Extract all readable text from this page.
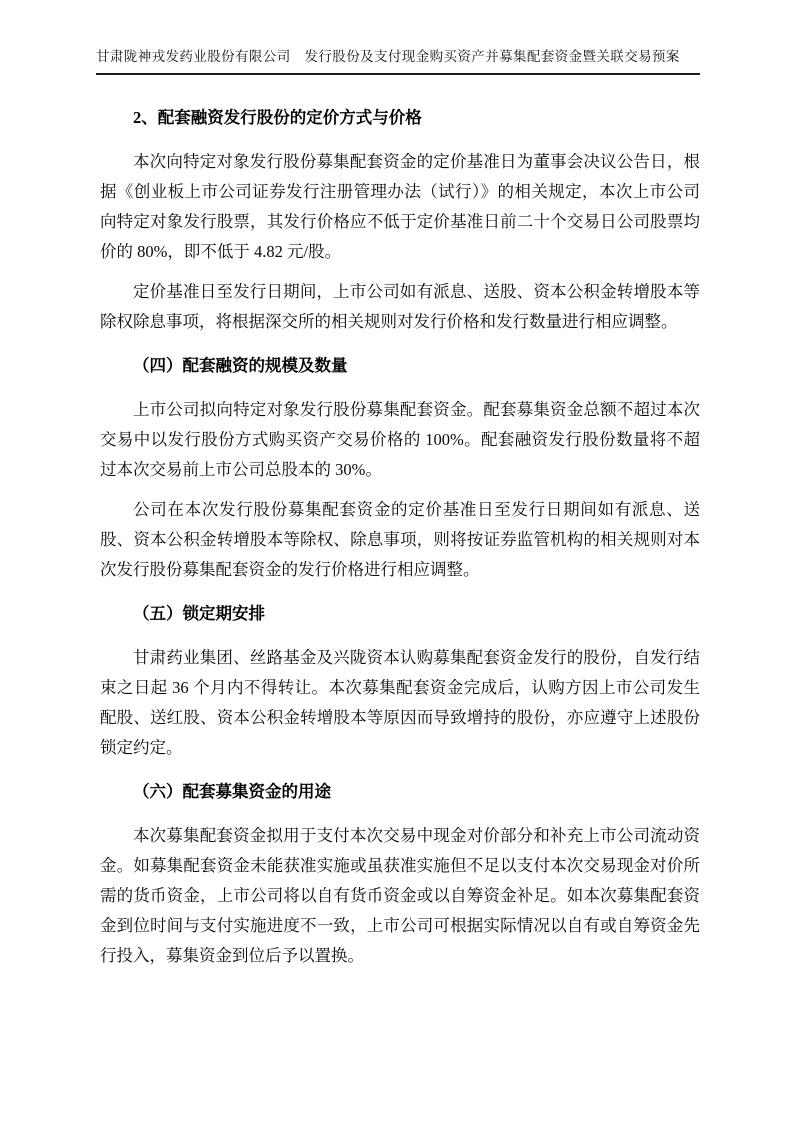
甘肃陇神戎发药业股份有限公司　发行股份及支付现金购买资产并募集配套资金暨关联交易预案
2、配套融资发行股份的定价方式与价格

本次向特定对象发行股份募集配套资金的定价基准日为董事会决议公告日，根据《创业板上市公司证券发行注册管理办法（试行）》的相关规定，本次上市公司向特定对象发行股票，其发行价格应不低于定价基准日前二十个交易日公司股票均价的 80%，即不低于 4.82 元/股。

定价基准日至发行日期间，上市公司如有派息、送股、资本公积金转增股本等除权除息事项，将根据深交所的相关规则对发行价格和发行数量进行相应调整。

（四）配套融资的规模及数量

上市公司拟向特定对象发行股份募集配套资金。配套募集资金总额不超过本次交易中以发行股份方式购买资产交易价格的 100%。配套融资发行股份数量将不超过本次交易前上市公司总股本的 30%。

公司在本次发行股份募集配套资金的定价基准日至发行日期间如有派息、送股、资本公积金转增股本等除权、除息事项，则将按证券监管机构的相关规则对本次发行股份募集配套资金的发行价格进行相应调整。

（五）锁定期安排

甘肃药业集团、丝路基金及兴陇资本认购募集配套资金发行的股份，自发行结束之日起 36 个月内不得转让。本次募集配套资金完成后，认购方因上市公司发生配股、送红股、资本公积金转增股本等原因而导致增持的股份，亦应遵守上述股份锁定约定。

（六）配套募集资金的用途

本次募集配套资金拟用于支付本次交易中现金对价部分和补充上市公司流动资金。如募集配套资金未能获准实施或虽获准实施但不足以支付本次交易现金对价所需的货币资金，上市公司将以自有货币资金或以自筹资金补足。如本次募集配套资金到位时间与支付实施进度不一致，上市公司可根据实际情况以自有或自筹资金先行投入，募集资金到位后予以置换。
